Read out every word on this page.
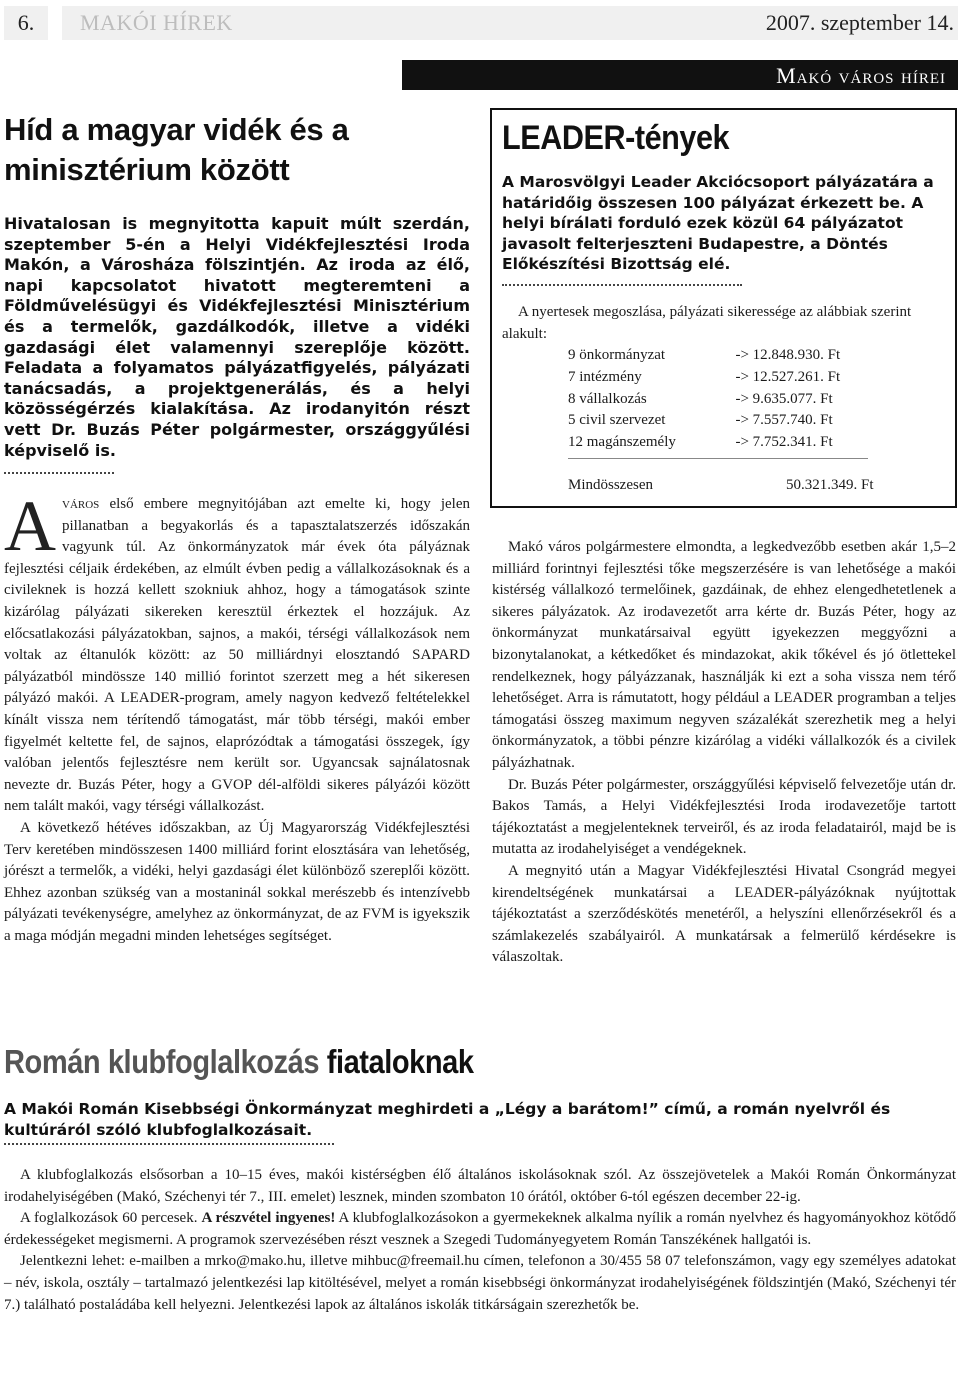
6.	MAKÓI HÍREK	2007. szeptember 14.
Makó város hírei
Híd a magyar vidék és a minisztérium között
Hivatalosan is megnyitotta kapuit múlt szerdán, szeptember 5-én a Helyi Vidékfejlesztési Iroda Makón, a Városháza fölszintjén. Az iroda az élő, napi kapcsolatot hivatott megteremteni a Földművelésügyi és Vidékfejlesztési Minisztérium és a termelők, gazdálkodók, illetve a vidéki gazdasági élet valamennyi szereplője között. Feladata a folyamatos pályázatfigyelés, pályázati tanácsadás, a projektgenerálás, és a helyi közösségérzés kialakítása. Az irodanyitón részt vett Dr. Buzás Péter polgármester, országgyűlési képviselő is.

Aváros első embere megnyitójában azt emelte ki, hogy jelen pillanatban a begyakorlás és a tapasztalatszerzés időszakán vagyunk túl. Az önkormányzatok már évek óta pályáznak fejlesztési céljaik érdekében, az elmúlt évben pedig a vállalkozásoknak és a civileknek is hozzá kellett szokniuk ahhoz, hogy a támogatások szinte kizárólag pályázati sikereken keresztül érkeztek el hozzájuk. Az előcsatlakozási pályázatokban, sajnos, a makói, térségi vállalkozások nem voltak az éltanulók között: az 50 milliárdnyi elosztandó SAPARD pályázatból mindössze 140 millió forintot szerzett meg a hét sikeresen pályázó makói. A LEADER-program, amely nagyon kedvező feltételekkel kínált vissza nem térítendő támogatást, már több térségi, makói ember figyelmét keltette fel, de sajnos, elaprózódtak a támogatási összegek, így valóban jelentős fejlesztésre nem került sor. Ugyancsak sajnálatosnak nevezte dr. Buzás Péter, hogy a GVOP dél-alföldi sikeres pályázói között nem talált makói, vagy térségi vállalkozást.

A következő hétéves időszakban, az Új Magyarország Vidékfejlesztési Terv keretében mindösszesen 1400 milliárd forint elosztására van lehetőség, jórészt a termelők, a vidéki, helyi gazdasági élet különböző szereplői között. Ehhez azonban szükség van a mostaninál sokkal merészebb és intenzívebb pályázati tevékenységre, amelyhez az önkormányzat, de az FVM is igyekszik a maga módján megadni minden lehetséges segítséget.

LEADER-tények
A Marosvölgyi Leader Akciócsoport pályázatára a határidőig összesen 100 pályázat érkezett be. A helyi bírálati forduló ezek közül 64 pályázatot javasolt felterjeszteni Budapestre, a Döntés Előkészítési Bizottság elé.

A nyertesek megoszlása, pályázati sikeressége az alábbiak szerint alakult:

9 önkormányzat	-> 12.848.930. Ft
7 intézmény	-> 12.527.261. Ft
8 vállalkozás	-> 9.635.077. Ft
5 civil szervezet	-> 7.557.740. Ft
12 magánszemély	-> 7.752.341. Ft
Mindösszesen	50.321.349. Ft

Makó város polgármestere elmondta, a legkedvezőbb esetben akár 1,5–2 milliárd forintnyi fejlesztési tőke megszerzésére is van lehetősége a makói kistérség vállalkozó termelőinek, gazdáinak, de ehhez elengedhetetlenek a sikeres pályázatok. Az irodavezetőt arra kérte dr. Buzás Péter, hogy az önkormányzat munkatársaival együtt igyekezzen meggyőzni a bizonytalanokat, a kétkedőket és mindazokat, akik tőkével és jó ötlettekel rendelkeznek, hogy pályázzanak, használják ki ezt a soha vissza nem térő lehetőséget. Arra is rámutatott, hogy például a LEADER programban a teljes támogatási összeg maximum negyven százalékát szerezhetik meg a helyi önkormányzatok, a többi pénzre kizárólag a vidéki vállalkozók és a civilek pályázhatnak.

Dr. Buzás Péter polgármester, országgyűlési képviselő felvezetője után dr. Bakos Tamás, a Helyi Vidékfejlesztési Iroda irodavezetője tartott tájékoztatást a megjelenteknek terveiről, és az iroda feladatairól, majd be is mutatta az irodahelyiséget a vendégeknek.

A megnyitó után a Magyar Vidékfejlesztési Hivatal Csongrád megyei kirendeltségének munkatársai a LEADER-pályázóknak nyújtottak tájékoztatást a szerződéskötés menetéről, a helyszíni ellenőrzésekről és a számlakezelés szabályairól. A munkatársak a felmerülő kérdésekre is válaszoltak.

Román klubfoglalkozás fiataloknak
A Makói Román Kisebbségi Önkormányzat meghirdeti a „Légy a barátom!” című, a román nyelvről és kultúráról szóló klubfoglalkozásait.

A klubfoglalkozás elsősorban a 10–15 éves, makói kistérségben élő általános iskolásoknak szól. Az összejövetelek a Makói Román Önkormányzat irodahelyiségében (Makó, Széchenyi tér 7., III. emelet) lesznek, minden szombaton 10 órától, október 6-tól egészen december 22-ig.

A foglalkozások 60 percesek. A részvétel ingyenes! A klubfoglalkozásokon a gyermekeknek alkalma nyílik a román nyelvhez és hagyományokhoz kötődő érdekességeket megismerni. A programok szervezésében részt vesznek a Szegedi Tudományegyetem Román Tanszékének hallgatói is.

Jelentkezni lehet: e-mailben a mrko@mako.hu, illetve mihbuc@freemail.hu címen, telefonon a 30/455 58 07 telefonszámon, vagy egy személyes adatokat – név, iskola, osztály – tartalmazó jelentkezési lap kitöltésével, melyet a román kisebbségi önkormányzat irodahelyiségének földszintjén (Makó, Széchenyi tér 7.) található postaládába kell helyezni. Jelentkezési lapok az általános iskolák titkárságain szerezhetők be.
